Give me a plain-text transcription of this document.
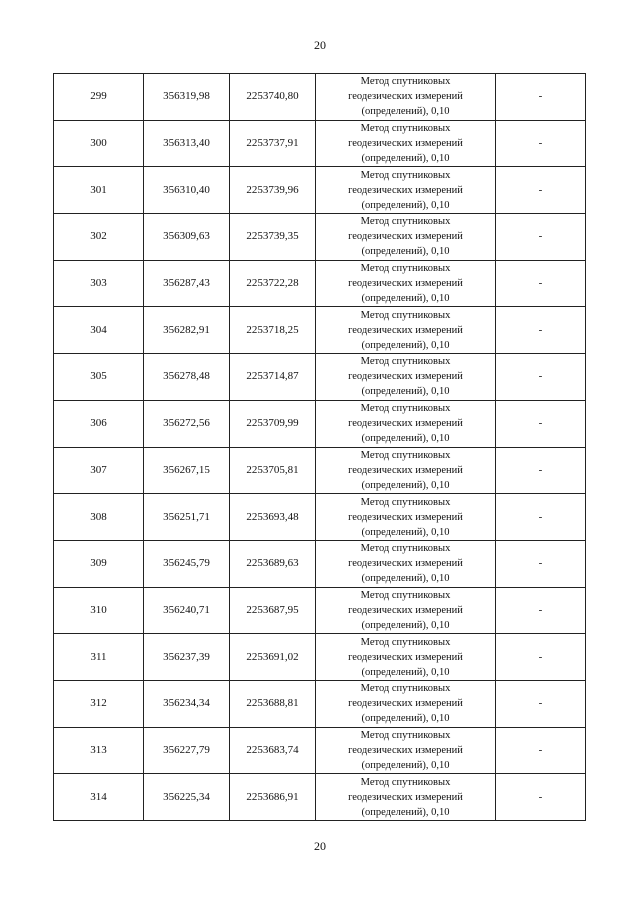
20
299	356319,98	2253740,80	Метод спутниковых
геодезических измерений
(определений), 0,10	-
300	356313,40	2253737,91	Метод спутниковых
геодезических измерений
(определений), 0,10	-
301	356310,40	2253739,96	Метод спутниковых
геодезических измерений
(определений), 0,10	-
302	356309,63	2253739,35	Метод спутниковых
геодезических измерений
(определений), 0,10	-
303	356287,43	2253722,28	Метод спутниковых
геодезических измерений
(определений), 0,10	-
304	356282,91	2253718,25	Метод спутниковых
геодезических измерений
(определений), 0,10	-
305	356278,48	2253714,87	Метод спутниковых
геодезических измерений
(определений), 0,10	-
306	356272,56	2253709,99	Метод спутниковых
геодезических измерений
(определений), 0,10	-
307	356267,15	2253705,81	Метод спутниковых
геодезических измерений
(определений), 0,10	-
308	356251,71	2253693,48	Метод спутниковых
геодезических измерений
(определений), 0,10	-
309	356245,79	2253689,63	Метод спутниковых
геодезических измерений
(определений), 0,10	-
310	356240,71	2253687,95	Метод спутниковых
геодезических измерений
(определений), 0,10	-
311	356237,39	2253691,02	Метод спутниковых
геодезических измерений
(определений), 0,10	-
312	356234,34	2253688,81	Метод спутниковых
геодезических измерений
(определений), 0,10	-
313	356227,79	2253683,74	Метод спутниковых
геодезических измерений
(определений), 0,10	-
314	356225,34	2253686,91	Метод спутниковых
геодезических измерений
(определений), 0,10	-
20
